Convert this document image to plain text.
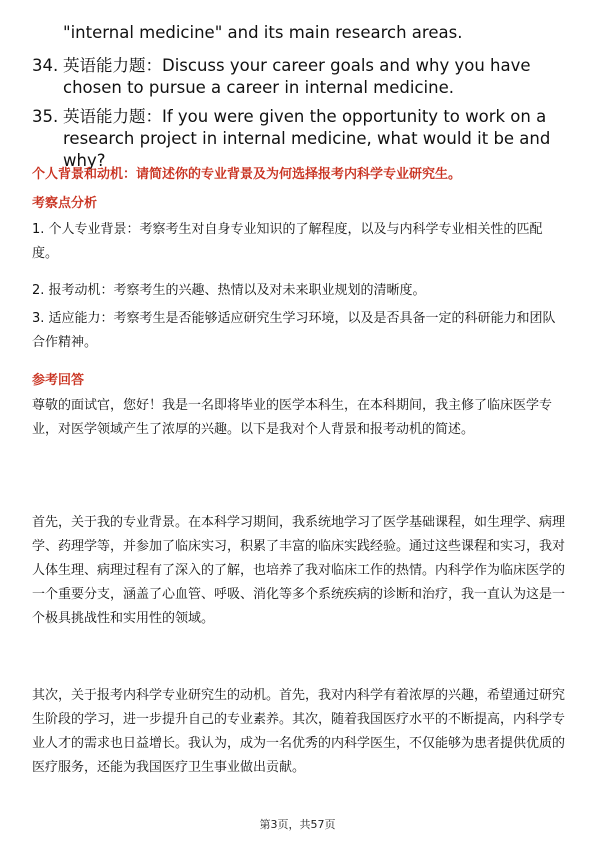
"internal medicine" and its main research areas.
34. 英语能力题：Discuss your career goals and why you have chosen to pursue a career in internal medicine.
35. 英语能力题：If you were given the opportunity to work on a research project in internal medicine, what would it be and why?
个人背景和动机：请简述你的专业背景及为何选择报考内科学专业研究生。
考察点分析
1. 个人专业背景：考察考生对自身专业知识的了解程度，以及与内科学专业相关性的匹配度。
2. 报考动机：考察考生的兴趣、热情以及对未来职业规划的清晰度。
3. 适应能力：考察考生是否能够适应研究生学习环境，以及是否具备一定的科研能力和团队合作精神。
参考回答
尊敬的面试官，您好！我是一名即将毕业的医学本科生，在本科期间，我主修了临床医学专业，对医学领域产生了浓厚的兴趣。以下是我对个人背景和报考动机的简述。
首先，关于我的专业背景。在本科学习期间，我系统地学习了医学基础课程，如生理学、病理学、药理学等，并参加了临床实习，积累了丰富的临床实践经验。通过这些课程和实习，我对人体生理、病理过程有了深入的了解，也培养了我对临床工作的热情。内科学作为临床医学的一个重要分支，涵盖了心血管、呼吸、消化等多个系统疾病的诊断和治疗，我一直认为这是一个极具挑战性和实用性的领域。
其次，关于报考内科学专业研究生的动机。首先，我对内科学有着浓厚的兴趣，希望通过研究生阶段的学习，进一步提升自己的专业素养。其次，随着我国医疗水平的不断提高，内科学专业人才的需求也日益增长。我认为，成为一名优秀的内科学医生，不仅能够为患者提供优质的医疗服务，还能为我国医疗卫生事业做出贡献。
第3页，共57页
